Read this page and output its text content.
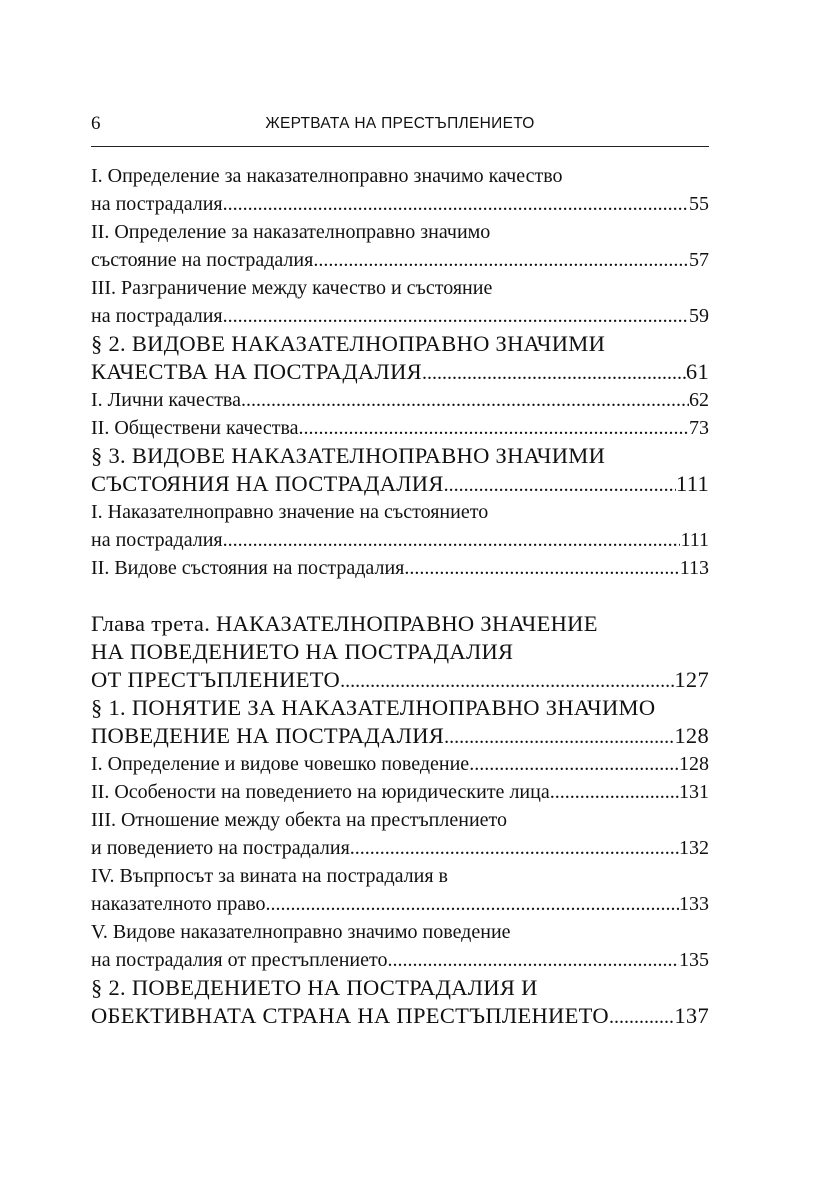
6	ЖЕРТВАТА НА ПРЕСТЪПЛЕНИЕТО
I. Определение за наказателноправно значимо качество
на пострадалия .....	55
II. Определение за наказателноправно значимо
състояние на пострадалия .....	57
III. Разграничение между качество и състояние
на пострадалия .....	59
§ 2. ВИДОВЕ НАКАЗАТЕЛНОПРАВНО ЗНАЧИМИ
КАЧЕСТВА НА ПОСТРАДАЛИЯ .....	61
I. Лични качества .....	62
II. Обществени качества .....	73
§ 3. ВИДОВЕ НАКАЗАТЕЛНОПРАВНО ЗНАЧИМИ
СЪСТОЯНИЯ НА ПОСТРАДАЛИЯ .....	111
I. Наказателноправно значение на състоянието
на пострадалия .....	111
II. Видове състояния на пострадалия .....	113
Глава трета. НАКАЗАТЕЛНОПРАВНО ЗНАЧЕНИЕ
НА ПОВЕДЕНИЕТО НА ПОСТРАДАЛИЯ
ОТ ПРЕСТЪПЛЕНИЕТО .....	127
§ 1. ПОНЯТИЕ ЗА НАКАЗАТЕЛНОПРАВНО ЗНАЧИМО
ПОВЕДЕНИЕ НА ПОСТРАДАЛИЯ .....	128
I. Определение и видове човешко поведение .....	128
II. Особености на поведението на юридическите лица .....	131
III. Отношение между обекта на престъплението
и поведението на пострадалия .....	132
IV. Въпрпосът за вината на пострадалия в
наказателното право .....	133
V. Видове наказателноправно значимо поведение
на пострадалия от престъплението .....	135
§ 2. ПОВЕДЕНИЕТО НА ПОСТРАДАЛИЯ И
ОБЕКТИВНАТА СТРАНА НА ПРЕСТЪПЛЕНИЕТО .....	137
